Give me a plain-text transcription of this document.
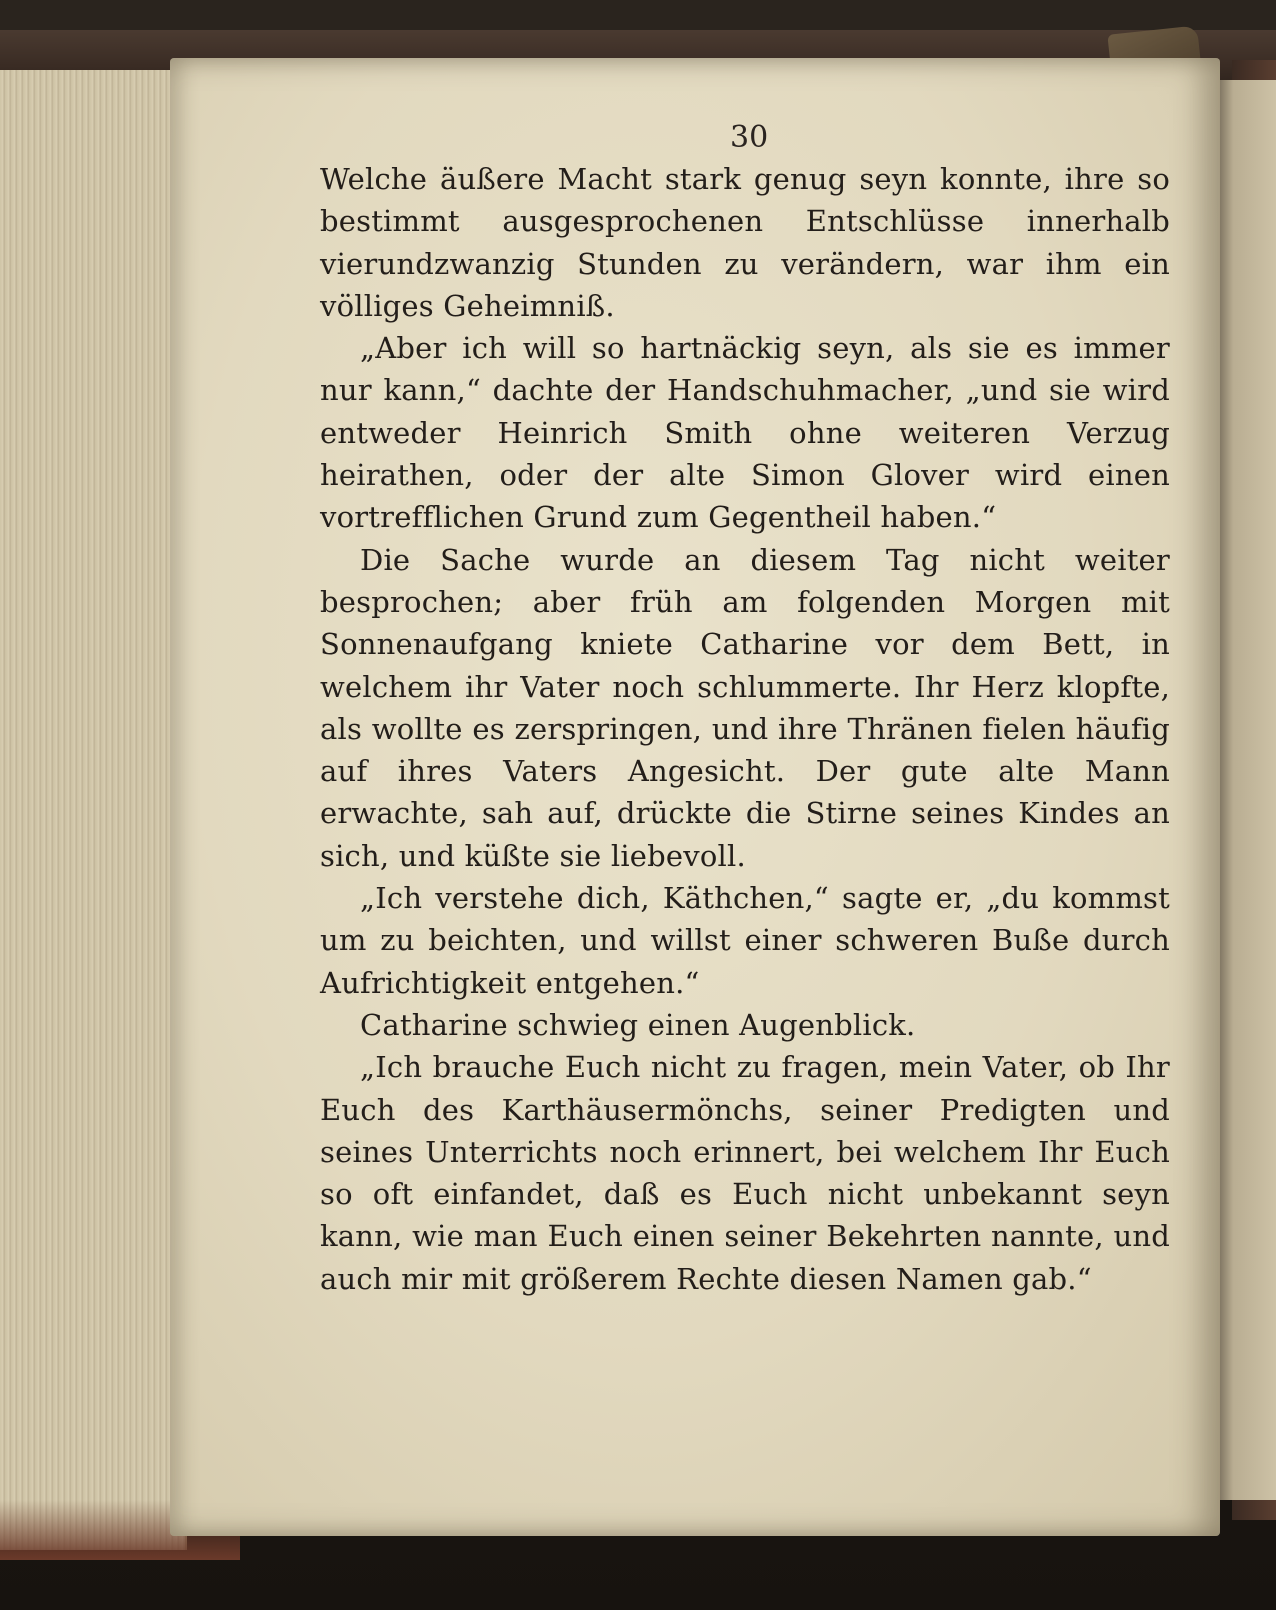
30

Welche äußere Macht stark genug seyn konnte, ihre so bestimmt ausgesprochenen Entschlüsse innerhalb vierundzwanzig Stunden zu verändern, war ihm ein völliges Geheimniß.

„Aber ich will so hartnäckig seyn, als sie es immer nur kann,“ dachte der Handschuhmacher, „und sie wird entweder Heinrich Smith ohne weiteren Verzug heirathen, oder der alte Simon Glover wird einen vortrefflichen Grund zum Gegentheil haben.“

Die Sache wurde an diesem Tag nicht weiter besprochen; aber früh am folgenden Morgen mit Sonnenaufgang kniete Catharine vor dem Bett, in welchem ihr Vater noch schlummerte. Ihr Herz klopfte, als wollte es zerspringen, und ihre Thränen fielen häufig auf ihres Vaters Angesicht. Der gute alte Mann erwachte, sah auf, drückte die Stirne seines Kindes an sich, und küßte sie liebevoll.

„Ich verstehe dich, Käthchen,“ sagte er, „du kommst um zu beichten, und willst einer schweren Buße durch Aufrichtigkeit entgehen.“

Catharine schwieg einen Augenblick.

„Ich brauche Euch nicht zu fragen, mein Vater, ob Ihr Euch des Karthäusermönchs, seiner Predigten und seines Unterrichts noch erinnert, bei welchem Ihr Euch so oft einfandet, daß es Euch nicht unbekannt seyn kann, wie man Euch einen seiner Bekehrten nannte, und auch mir mit größerem Rechte diesen Namen gab.“
